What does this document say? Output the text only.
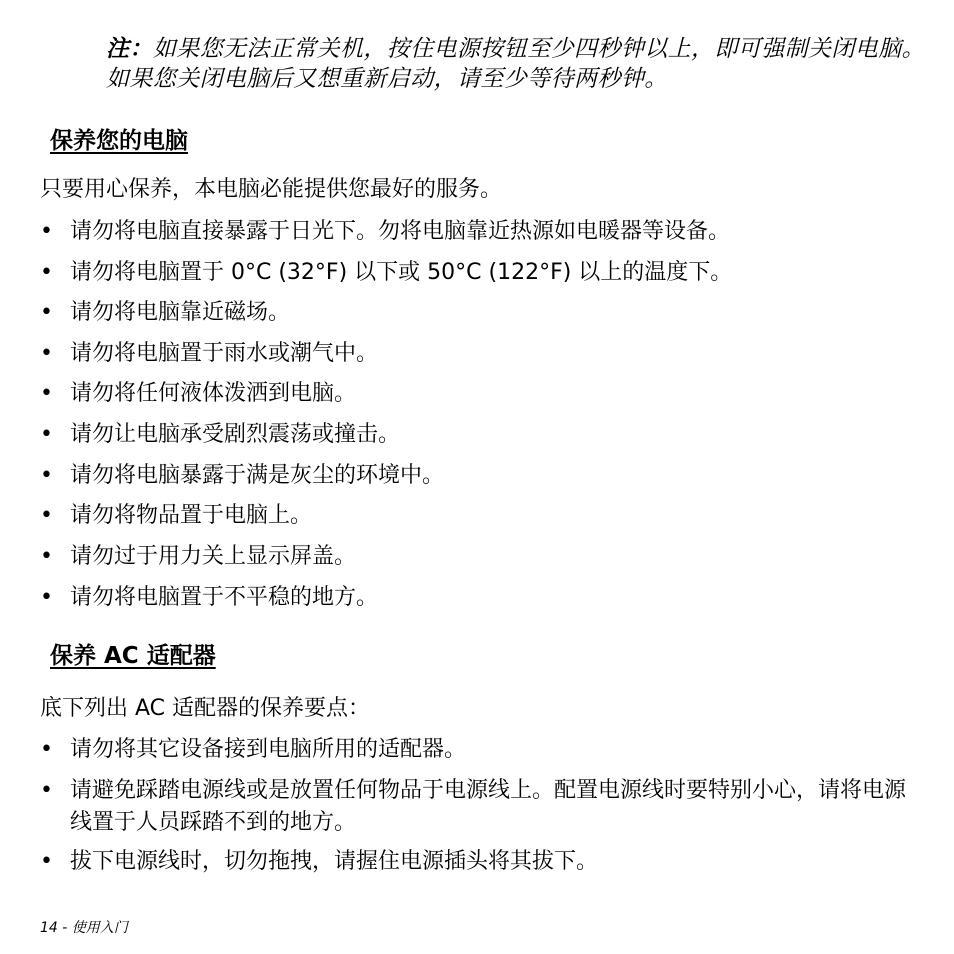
注：如果您无法正常关机，按住电源按钮至少四秒钟以上，即可强制关闭电脑。如果您关闭电脑后又想重新启动，请至少等待两秒钟。
保养您的电脑
只要用心保养，本电脑必能提供您最好的服务。
• 请勿将电脑直接暴露于日光下。勿将电脑靠近热源如电暖器等设备。
• 请勿将电脑置于 0°C (32°F) 以下或 50°C (122°F) 以上的温度下。
• 请勿将电脑靠近磁场。
• 请勿将电脑置于雨水或潮气中。
• 请勿将任何液体泼洒到电脑。
• 请勿让电脑承受剧烈震荡或撞击。
• 请勿将电脑暴露于满是灰尘的环境中。
• 请勿将物品置于电脑上。
• 请勿过于用力关上显示屏盖。
• 请勿将电脑置于不平稳的地方。
保养 AC 适配器
底下列出 AC 适配器的保养要点：
• 请勿将其它设备接到电脑所用的适配器。
• 请避免踩踏电源线或是放置任何物品于电源线上。配置电源线时要特别小心，请将电源线置于人员踩踏不到的地方。
• 拔下电源线时，切勿拖拽，请握住电源插头将其拔下。
14 - 使用入门
